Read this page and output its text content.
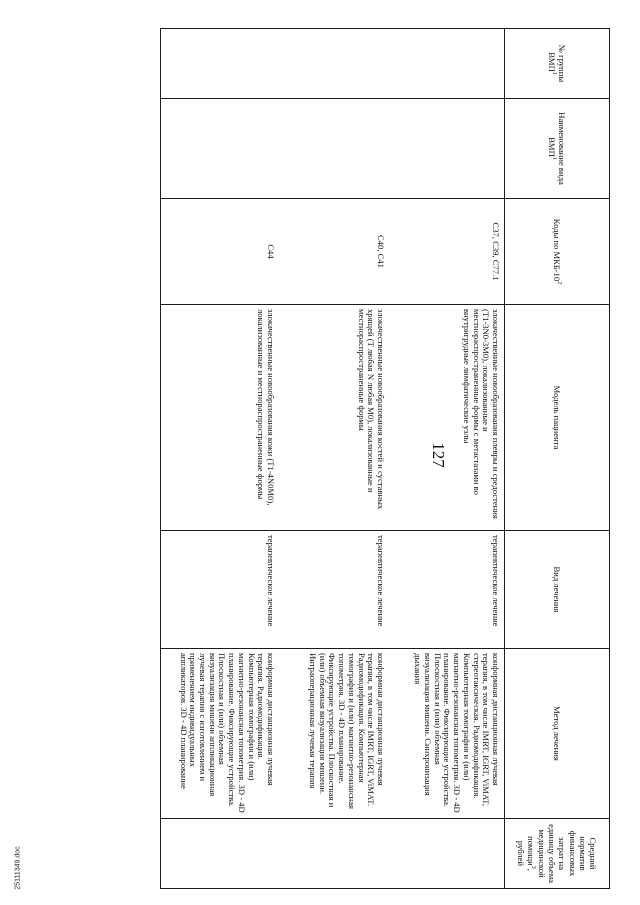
127
25111349.doc
№ группы ВМП$^1$	Наименование вида ВМП$^1$	Коды по МКБ-$10^2$	Модель пациента	Вид лечения	Метод лечения	Средний норматив финансовых затрат на единицу объема медицинской помощи$^3$, рублей
		C37, C39, C77.1	злокачественные новообразования плевры и средостения (T1-3N0-3M0), локализованные и местнораспространенные формы с метастазами во внутригрудные лимфатические узлы	терапевтическое лечение	конформная дистанционная лучевая терапия, в том числе IMRT, IGRT, ViMAT, стереотаксическая. Радиомодификация. Компьютерная томография и (или) магнитно-резонансная топометрия. 3D - 4D планирование. Фиксирующие устройства. Плоскостная и (или) объемная визуализация мишени. Синхронизация дыхания	
		C40, C41	злокачественные новообразования костей и суставных хрящей (T любая N любая M0), локализованные и местнораспространенные формы	терапевтическое лечение	конформная дистанционная лучевая терапия, в том числе IMRT, IGRT, ViMAT. Радиомодификация. Компьютерная томография и (или) магнитно-резонансная топометрия. 3D - 4D планирование. Фиксирующие устройства. Плоскостная и (или) объемная визуализация мишени. Интраоперационная лучевая терапия	
		C44	злокачественные новообразования кожи (T1-4N0M0), локализованные и местнораспространенные формы	терапевтическое лечение	конформная дистанционная лучевая терапия. Радиомодификация. Компьютерная томография и (или) магнитно-резонансная топометрия. 3D - 4D планирование. Фиксирующие устройства. Плоскостная и (или) объемная визуализация мишени аппликационная лучевая терапия с изготовлением и применением индивидуальных аппликаторов. 3D - 4D планирование	
